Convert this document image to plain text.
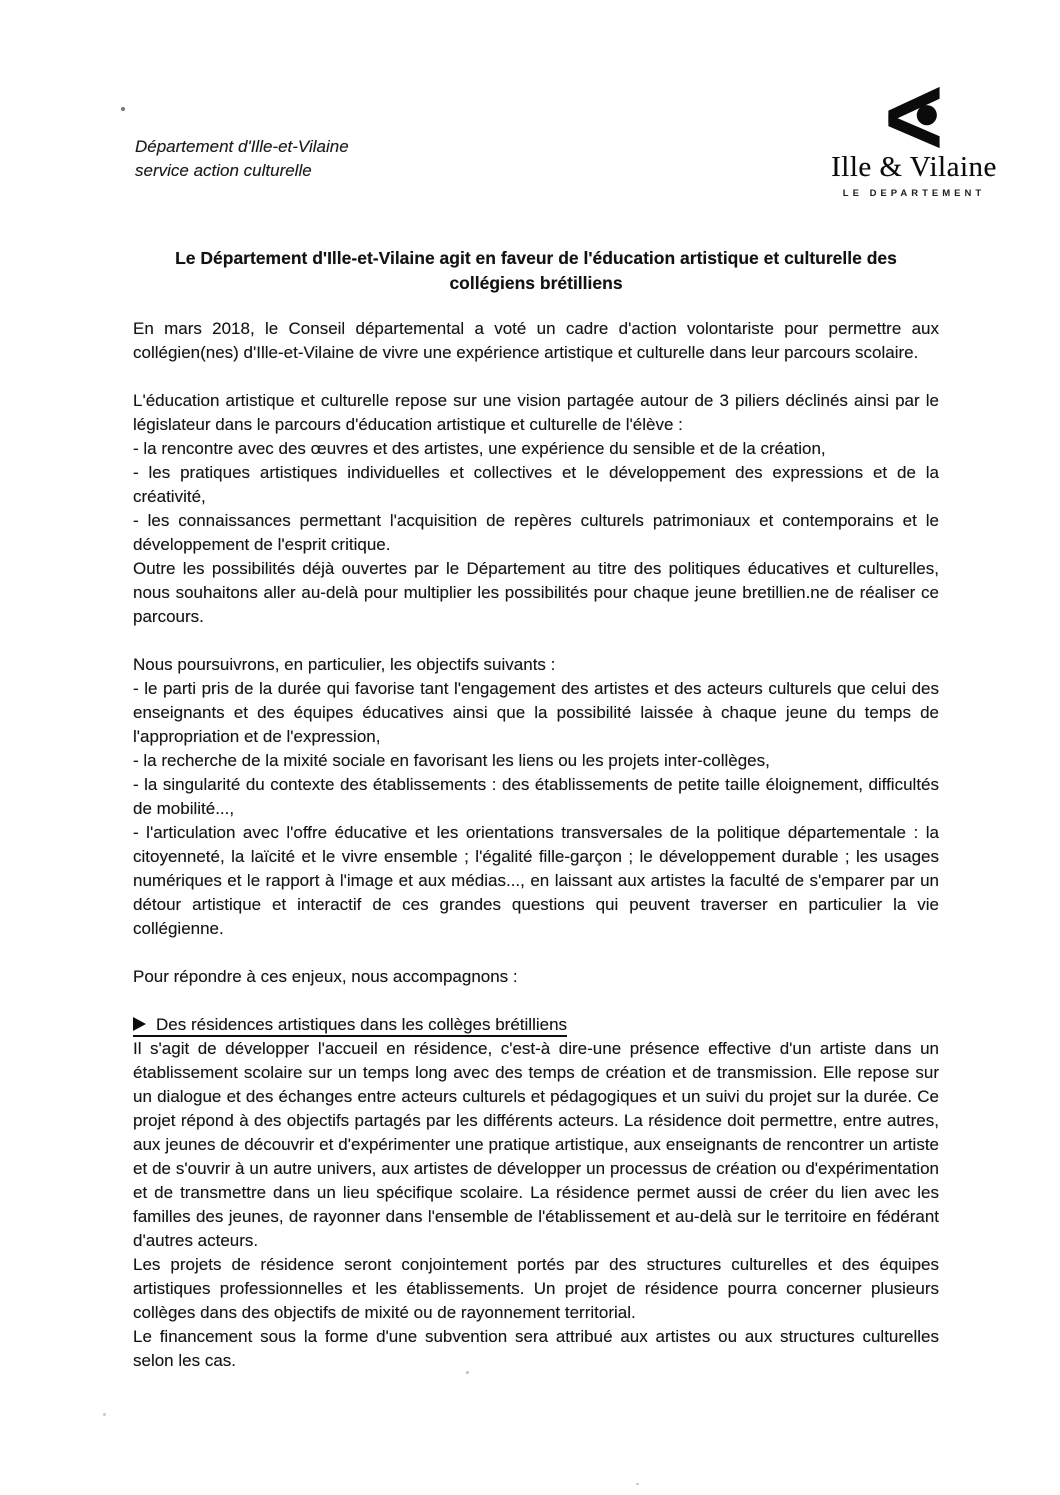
Département d'Ille-et-Vilaine
service action culturelle	Ille & Vilaine
LE DEPARTEMENT
Le Département d'Ille-et-Vilaine agit en faveur de l'éducation artistique et culturelle des collégiens brétilliens

En mars 2018, le Conseil départemental a voté un cadre d'action volontariste pour permettre aux collégien(nes) d'Ille-et-Vilaine de vivre une expérience artistique et culturelle dans leur parcours scolaire.

L'éducation artistique et culturelle repose sur une vision partagée autour de 3 piliers déclinés ainsi par le législateur dans le parcours d'éducation artistique et culturelle de l'élève :

- la rencontre avec des œuvres et des artistes, une expérience du sensible et de la création,

- les pratiques artistiques individuelles et collectives et le développement des expressions et de la créativité,

- les connaissances permettant l'acquisition de repères culturels patrimoniaux et contemporains et le développement de l'esprit critique.

Outre les possibilités déjà ouvertes par le Département au titre des politiques éducatives et culturelles, nous souhaitons aller au-delà pour multiplier les possibilités pour chaque jeune bretillien.ne de réaliser ce parcours.

Nous poursuivrons, en particulier, les objectifs suivants :

- le parti pris de la durée qui favorise tant l'engagement des artistes et des acteurs culturels que celui des enseignants et des équipes éducatives ainsi que la possibilité laissée à chaque jeune du temps de l'appropriation et de l'expression,

- la recherche de la mixité sociale en favorisant les liens ou les projets inter-collèges,

- la singularité du contexte des établissements : des établissements de petite taille éloignement, difficultés de mobilité...,

- l'articulation avec l'offre éducative et les orientations transversales de la politique départementale : la citoyenneté, la laïcité et le vivre ensemble ; l'égalité fille-garçon ; le développement durable ; les usages numériques et le rapport à l'image et aux médias..., en laissant aux artistes la faculté de s'emparer par un détour artistique et interactif de ces grandes questions qui peuvent traverser en particulier la vie collégienne.

Pour répondre à ces enjeux, nous accompagnons :

Des résidences artistiques dans les collèges brétilliens

Il s'agit de développer l'accueil en résidence, c'est-à dire-une présence effective d'un artiste dans un établissement scolaire sur un temps long avec des temps de création et de transmission. Elle repose sur un dialogue et des échanges entre acteurs culturels et pédagogiques et un suivi du projet sur la durée. Ce projet répond à des objectifs partagés par les différents acteurs. La résidence doit permettre, entre autres, aux jeunes de découvrir et d'expérimenter une pratique artistique, aux enseignants de rencontrer un artiste et de s'ouvrir à un autre univers, aux artistes de développer un processus de création ou d'expérimentation et de transmettre dans un lieu spécifique scolaire. La résidence permet aussi de créer du lien avec les familles des jeunes, de rayonner dans l'ensemble de l'établissement et au-delà sur le territoire en fédérant d'autres acteurs.

Les projets de résidence seront conjointement portés par des structures culturelles et des équipes artistiques professionnelles et les établissements. Un projet de résidence pourra concerner plusieurs collèges dans des objectifs de mixité ou de rayonnement territorial.

Le financement sous la forme d'une subvention sera attribué aux artistes ou aux structures culturelles selon les cas.
